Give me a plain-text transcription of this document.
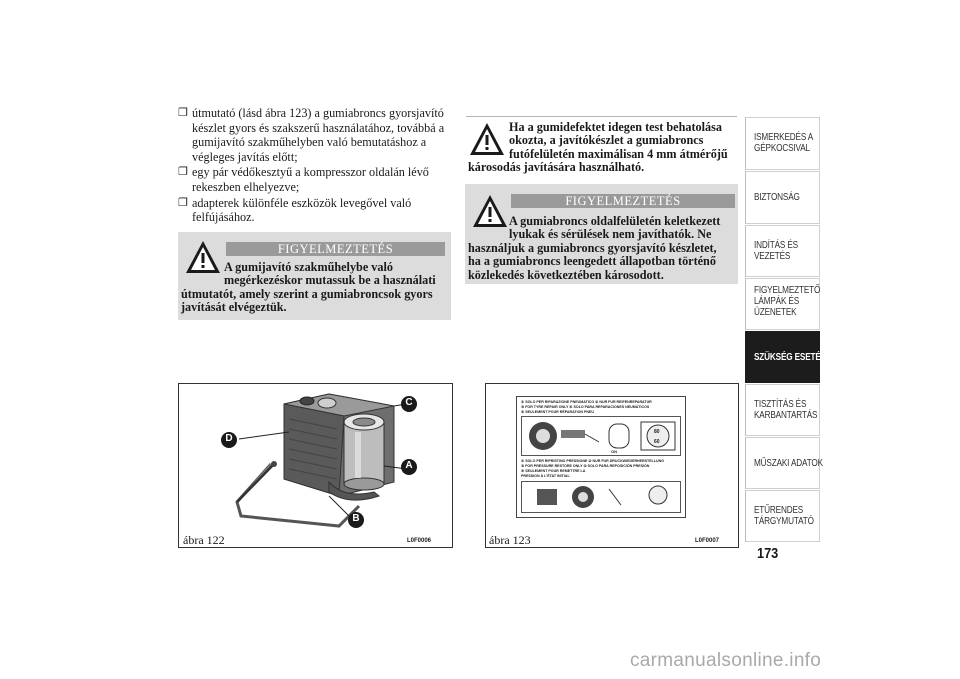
❐ útmutató (lásd ábra 123) a gumiabroncs gyorsjavító
készlet gyors és szakszerű használatához, továbbá a
gumijavító szakműhelyben való bemutatáshoz a
végleges javítás előtt;
❐ egy pár védőkesztyű a kompresszor oldalán lévő
rekeszben elhelyezve;
❐ adapterek különféle eszközök levegővel való
felfújásához.
FIGYELMEZTETÉS
A gumijavító szakműhelybe való
megérkezéskor mutassuk be a használati
útmutatót, amely szerint a gumiabroncsok gyors
javítását elvégeztük.
Ha a gumidefektet idegen test behatolása
okozta, a javítókészlet a gumiabroncs
futófelületén maximálisan 4 mm átmérőjű
károsodás javítására használható.
FIGYELMEZTETÉS
A gumiabroncs oldalfelületén keletkezett
lyukak és sérülések nem javíthatók. Ne
használjuk a gumiabroncs gyorsjavító készletet,
ha a gumiabroncs leengedett állapotban történő
közlekedés következtében károsodott.
C
A
B
D
ábra 122	L0F0006
① SOLO PER RIPARAZIONE PNEUMATICO ② NUR FÜR REIFENREPARATUR
③ FOR TYRE REPAIR ONLY ④ SOLO PARA REPARACIONES NEUMÁTICOS
⑤ SEULEMENT POUR RÉPARATION PNEU
ON
80
60
① SOLO PER RIPRISTINO PRESSIONE ② NUR FÜR DRUCKWIEDERHERSTELLUNG
③ FOR PRESSURE RESTORE ONLY ④ SOLO PARA REPOSICIÓN PRESIÓN
⑤ SEULEMENT POUR REMETTRE LA
PRESSION À L'ÉTAT INITIAL
ábra 123	L0F0007
ISMERKEDÉS A
GÉPKOCSIVAL
BIZTONSÁG
INDÍTÁS ÉS
VEZETÉS
FIGYELMEZTETŐ
LÁMPÁK ÉS
ÜZENETEK
SZÜKSÉG ESETÉN
TISZTÍTÁS ÉS
KARBANTARTÁS
MŰSZAKI ADATOK
ETŰRENDES
TÁRGYMUTATÓ
173
carmanualsonline.info
